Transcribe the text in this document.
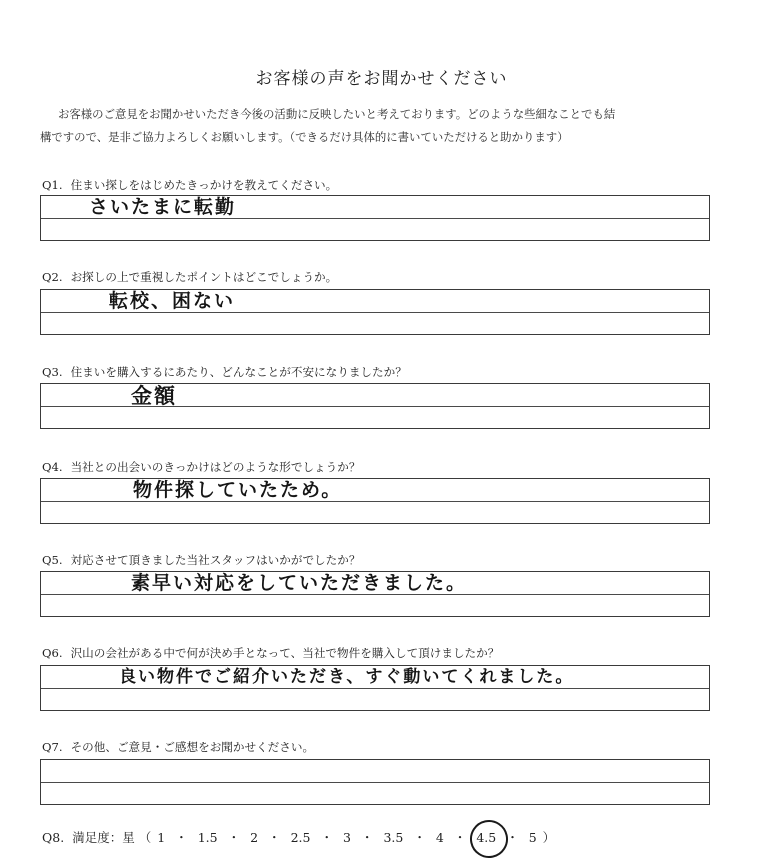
お客様の声をお聞かせください

お客様のご意見をお聞かせいただき今後の活動に反映したいと考えております。どのような些細なことでも結

構ですので、是非ご協力よろしくお願いします。（できるだけ具体的に書いていただけると助かります）

Q1. 住まい探しをはじめたきっかけを教えてください。
さいたまに転勤
Q2. お探しの上で重視したポイントはどこでしょうか。
転校、困ない
Q3. 住まいを購入するにあたり、どんなことが不安になりましたか？
金額
Q4. 当社との出会いのきっかけはどのような形でしょうか？
物件探していたため。
Q5. 対応させて頂きました当社スタッフはいかがでしたか？
素早い対応をしていただきました。
Q6. 沢山の会社がある中で何が決め手となって、当社で物件を購入して頂けましたか？
良い物件でご紹介いただき、すぐ動いてくれました。
Q7. その他、ご意見・ご感想をお聞かせください。
Q8. 満足度：星 （ 1 ・ 1.5 ・ 2 ・ 2.5 ・ 3 ・ 3.5 ・ 4 ・ 4.5 ・ 5 ）
